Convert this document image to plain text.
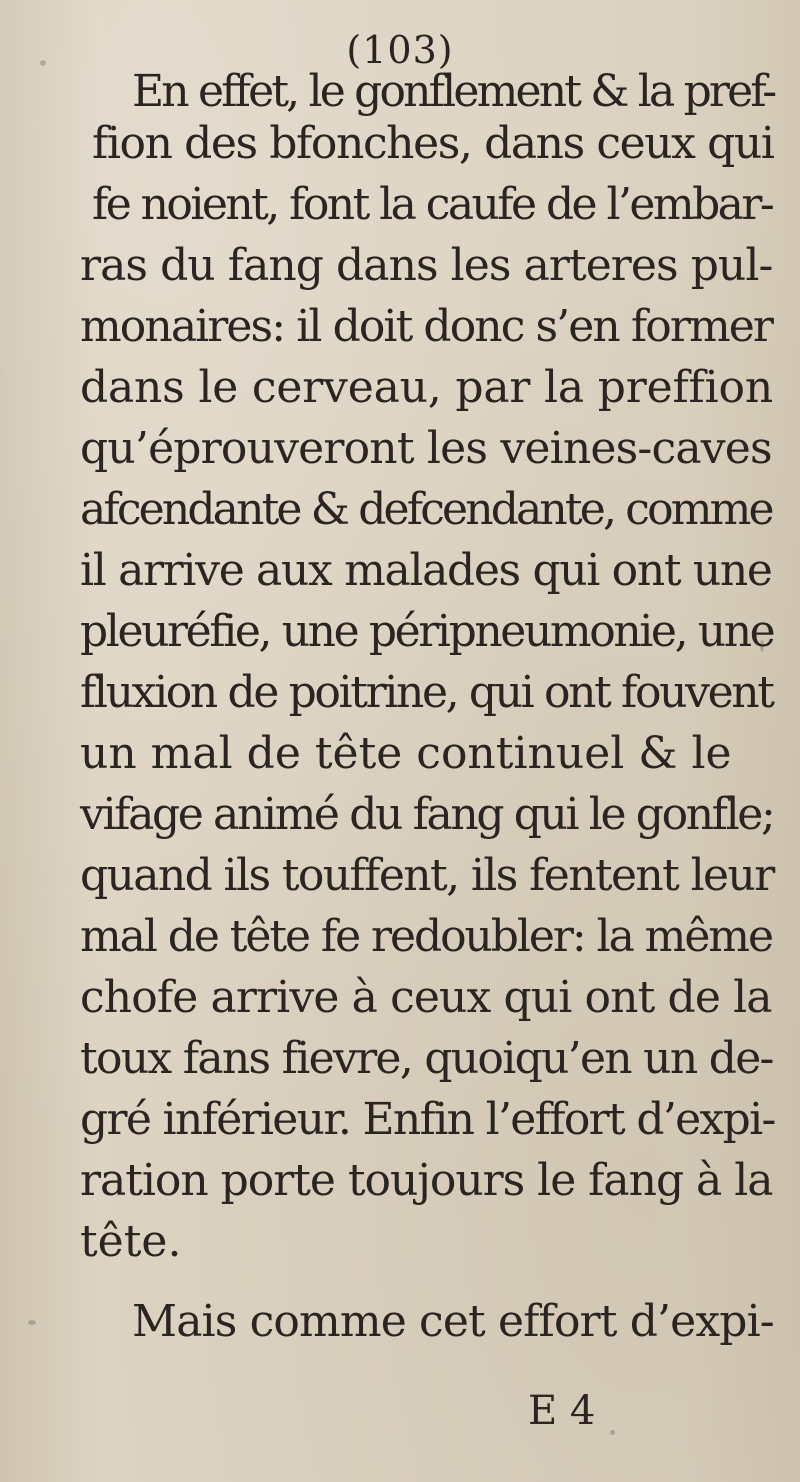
(103)
En effet, le gonflement & la pref-
fion des bfonches, dans ceux qui
fe noient, font la caufe de l’embar-
ras du fang dans les arteres pul-
monaires: il doit donc s’en former
dans le cerveau, par la preffion
qu’éprouveront les veines-caves
afcendante & defcendante, comme
il arrive aux malades qui ont une
pleuréfie, une péripneumonie, une
fluxion de poitrine, qui ont fouvent
un mal de tête continuel & le
vifage animé du fang qui le gonfle;
quand ils touffent, ils fentent leur
mal de tête fe redoubler: la même
chofe arrive à ceux qui ont de la
toux fans fievre, quoiqu’en un de-
gré inférieur. Enfin l’effort d’expi-
ration porte toujours le fang à la
tête.
Mais comme cet effort d’expi-
E 4
